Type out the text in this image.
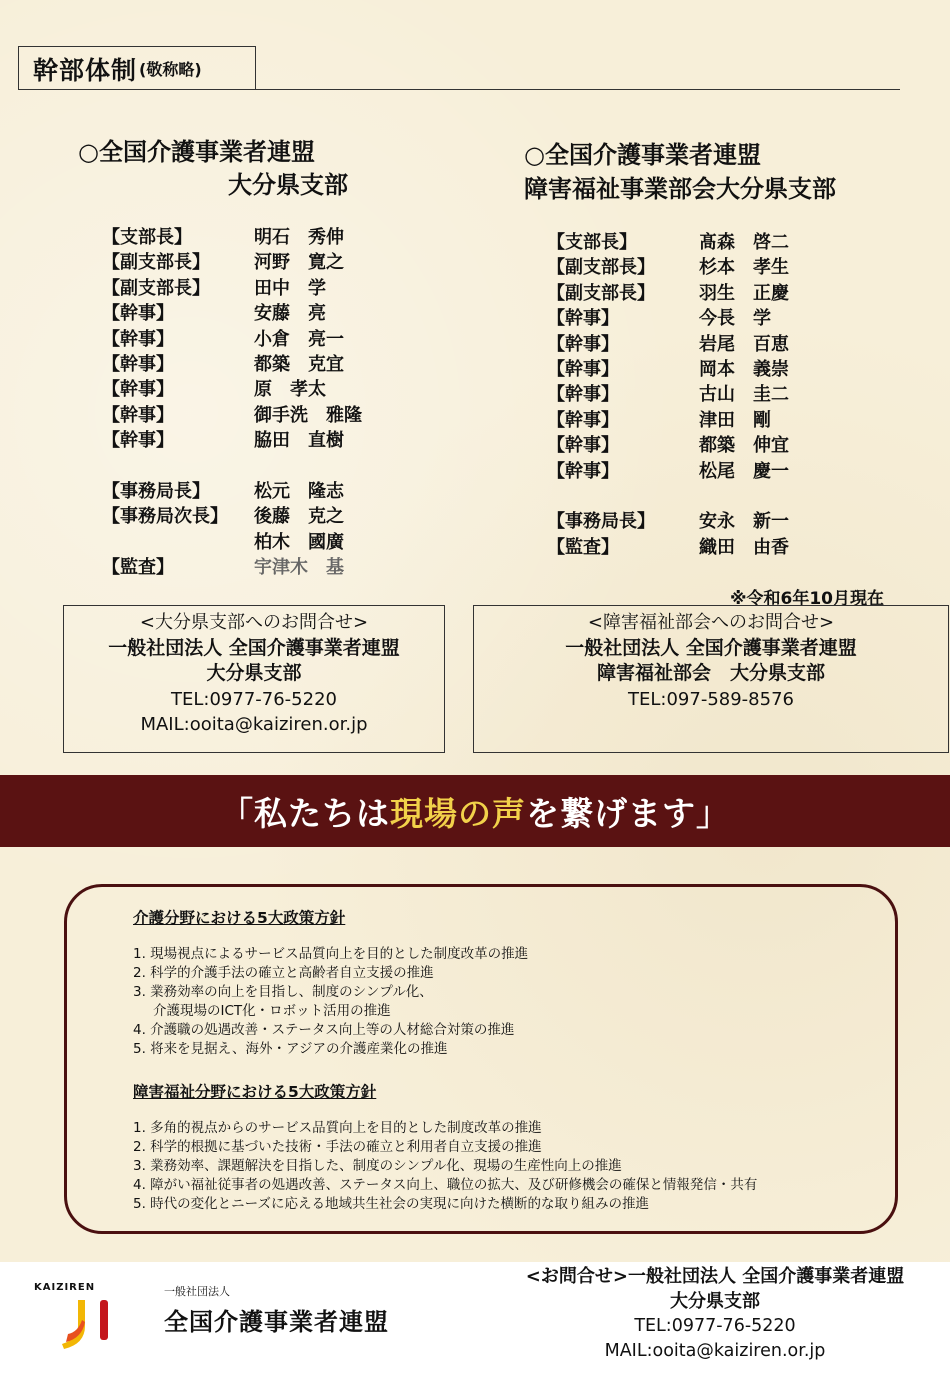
幹部体制 (敬称略)
○全国介護事業者連盟
大分県支部
【支部長】	明石　秀伸
【副支部長】	河野　寛之
【副支部長】	田中　学
【幹事】	安藤　亮
【幹事】	小倉　亮一
【幹事】	都築　克宜
【幹事】	原　孝太
【幹事】	御手洗　雅隆
【幹事】	脇田　直樹
【事務局長】	松元　隆志
【事務局次長】	後藤　克之
柏木　國廣
【監査】	宇津木　基
○全国介護事業者連盟
障害福祉事業部会大分県支部
【支部長】	髙森　啓二
【副支部長】	杉本　孝生
【副支部長】	羽生　正慶
【幹事】	今長　学
【幹事】	岩尾　百恵
【幹事】	岡本　義崇
【幹事】	古山　圭二
【幹事】	津田　剛
【幹事】	都築　伸宜
【幹事】	松尾　慶一
【事務局長】	安永　新一
【監査】	織田　由香
※令和6年10月現在
<大分県支部へのお問合せ>
一般社団法人 全国介護事業者連盟
大分県支部
TEL:0977-76-5220
MAIL:ooita@kaiziren.or.jp
<障害福祉部会へのお問合せ>
一般社団法人 全国介護事業者連盟
障害福祉部会　大分県支部
TEL:097-589-8576
「私たちは 現場の声 を繋げます」
介護分野における5大政策方針
1. 現場視点によるサービス品質向上を目的とした制度改革の推進
2. 科学的介護手法の確立と高齢者自立支援の推進
3. 業務効率の向上を目指し、制度のシンプル化、
介護現場のICT化・ロボット活用の推進
4. 介護職の処遇改善・ステータス向上等の人材総合対策の推進
5. 将来を見据え、海外・アジアの介護産業化の推進
障害福祉分野における5大政策方針
1. 多角的視点からのサービス品質向上を目的とした制度改革の推進
2. 科学的根拠に基づいた技術・手法の確立と利用者自立支援の推進
3. 業務効率、課題解決を目指した、制度のシンプル化、現場の生産性向上の推進
4. 障がい福祉従事者の処遇改善、ステータス向上、職位の拡大、及び研修機会の確保と情報発信・共有
5. 時代の変化とニーズに応える地域共生社会の実現に向けた横断的な取り組みの推進
KAIZIREN	一般社団法人
全国介護事業者連盟
<お問合せ>一般社団法人 全国介護事業者連盟
大分県支部
TEL:0977-76-5220
MAIL:ooita@kaiziren.or.jp
